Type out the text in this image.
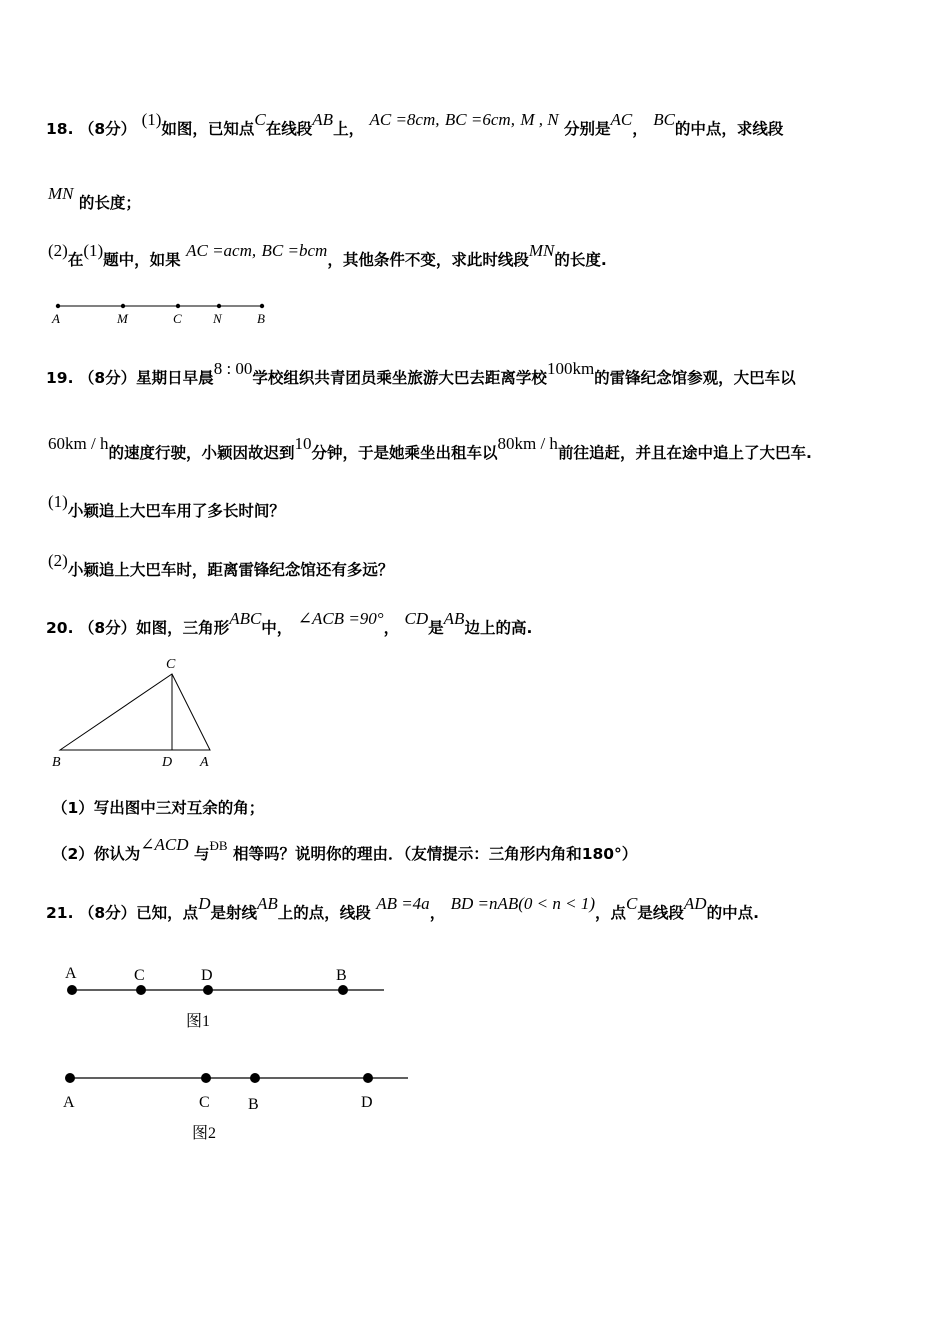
18. （8分） (1)如图，已知点C在线段AB上， AC =8cm, BC =6cm, M , N 分别是AC， BC的中点，求线段
MN 的长度；
(2)在(1)题中，如果 AC =acm, BC =bcm，其他条件不变，求此时线段MN的长度.
A	M	C N	B
19. （8分）星期日早晨8 : 00学校组织共青团员乘坐旅游大巴去距离学校100km的雷锋纪念馆参观，大巴车以
60km / h的速度行驶，小颖因故迟到10分钟，于是她乘坐出租车以80km / h前往追赶，并且在途中追上了大巴车.
(1)小颖追上大巴车用了多长时间？
(2)小颖追上大巴车时，距离雷锋纪念馆还有多远？
20. （8分）如图，三角形ABC中， ∠ACB =90°， CD是AB边上的高.
C
B	D A
（1）写出图中三对互余的角；
（2）你认为∠ACD 与$^{ÐB}$ 相等吗？说明你的理由．（友情提示：三角形内角和180°）
21. （8分）已知，点D是射线AB上的点，线段 AB =4a， BD =nAB(0 < n < 1)，点C是线段AD的中点.
A	C	D	B
图1
A	C B	D
图2
